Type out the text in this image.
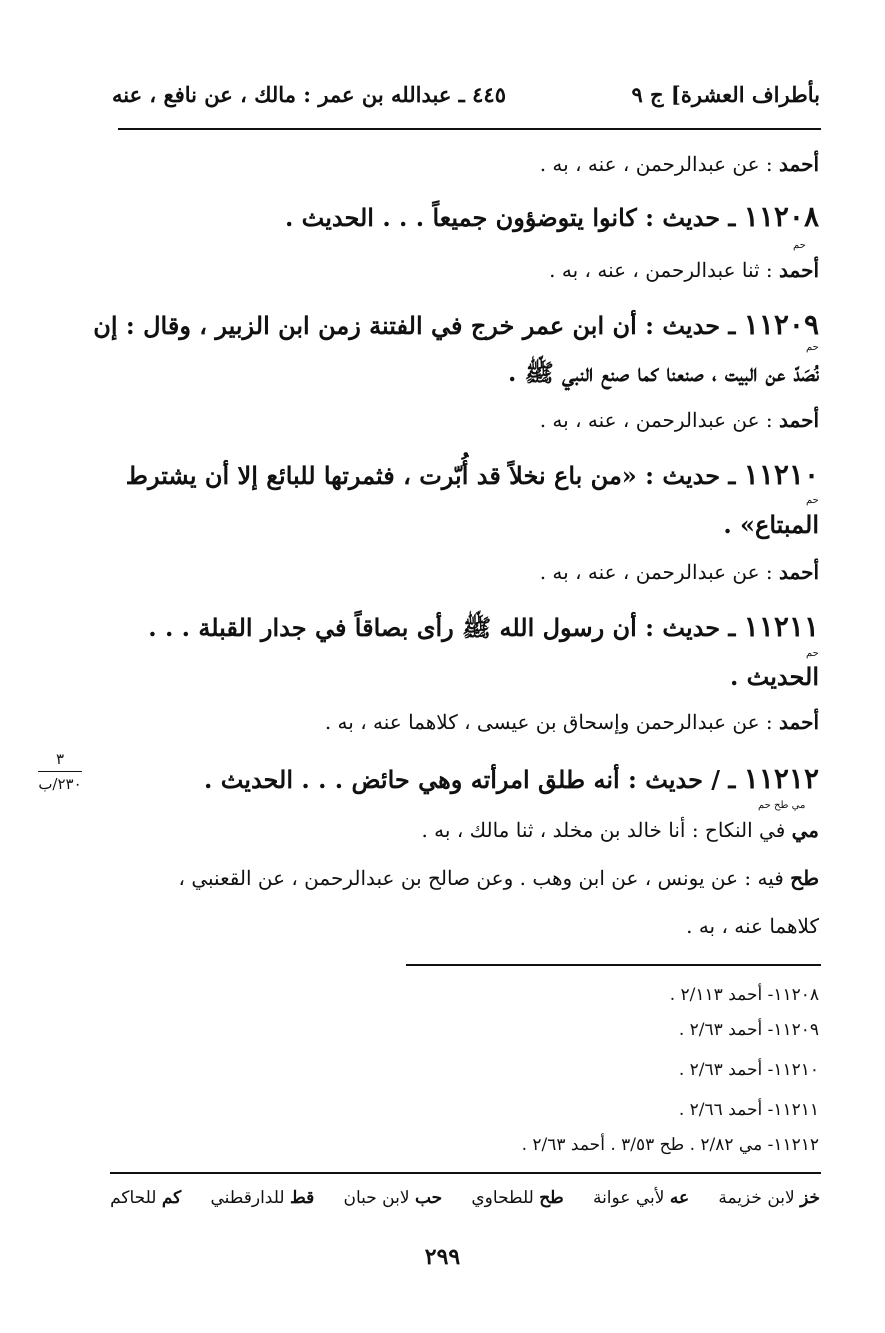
بأطراف العشرة] ج ٩
٤٤٥ ـ عبدالله بن عمر : مالك ، عن نافع ، عنه
أحمد : عن عبدالرحمن ، عنه ، به .
١١٢٠٨ ـ حديث : كانوا يتوضؤون جميعاً . . . الحديث .
حم
أحمد : ثنا عبدالرحمن ، عنه ، به .
١١٢٠٩ ـ حديث : أن ابن عمر خرج في الفتنة زمن ابن الزبير ، وقال : إن
حم
نُصَدّ عن البيت ، صنعنا كما صنع النبي ﷺ .
أحمد : عن عبدالرحمن ، عنه ، به .
١١٢١٠ ـ حديث : «من باع نخلاً قد أُبّرت ، فثمرتها للبائع إلا أن يشترط
حم
المبتاع» .
أحمد : عن عبدالرحمن ، عنه ، به .
١١٢١١ ـ حديث : أن رسول الله ﷺ رأى بصاقاً في جدار القبلة . . .
حم
الحديث .
أحمد : عن عبدالرحمن وإسحاق بن عيسى ، كلاهما عنه ، به .
١١٢١٢ ـ / حديث : أنه طلق امرأته وهي حائض . . . الحديث .
مي طح حم
مي في النكاح : أنا خالد بن مخلد ، ثنا مالك ، به .
طح فيه : عن يونس ، عن ابن وهب . وعن صالح بن عبدالرحمن ، عن القعنبي ،
كلاهما عنه ، به .
٣
٢٣٠/ب
١١٢٠٨- أحمد ٢/١١٣ .
١١٢٠٩- أحمد ٢/٦٣ .
١١٢١٠- أحمد ٢/٦٣ .
١١٢١١- أحمد ٢/٦٦ .
١١٢١٢- مي ٢/٨٢ . طح ٣/٥٣ . أحمد ٢/٦٣ .
خز لابن خزيمة
عه لأبي عوانة
طح للطحاوي
حب لابن حبان
قط للدارقطني
كم للحاكم
٢٩٩
